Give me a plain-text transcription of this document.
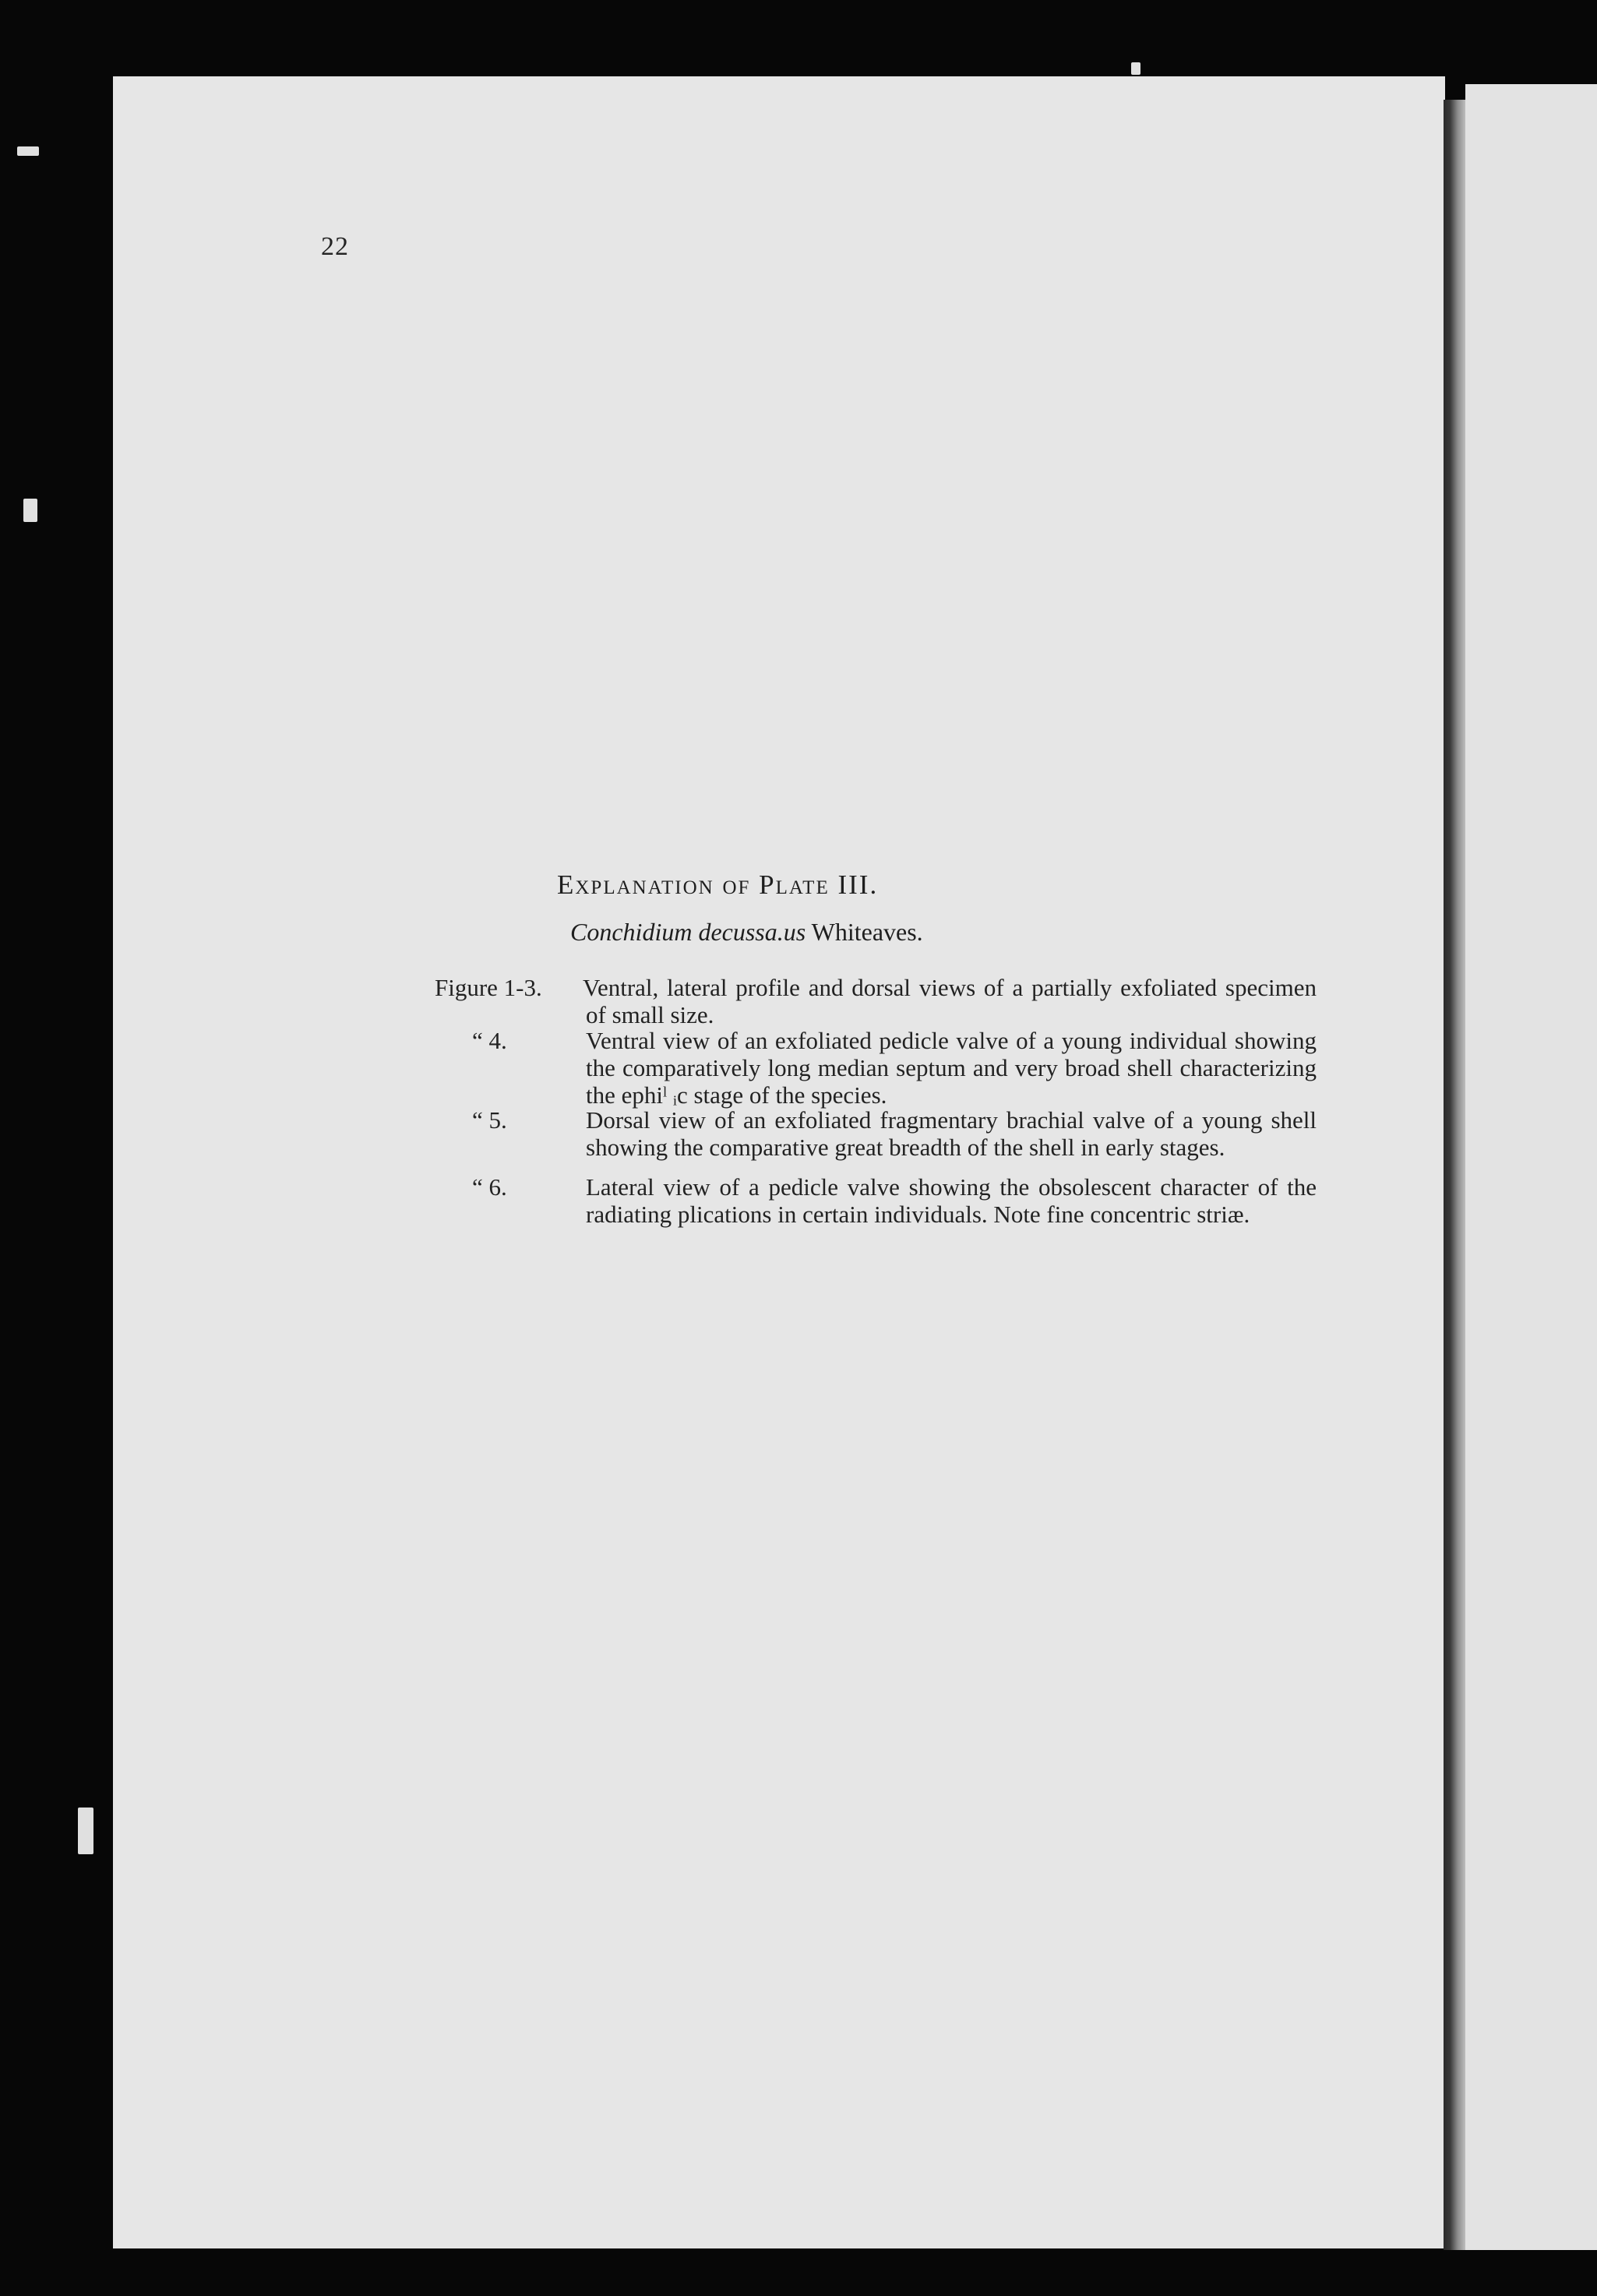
22
Explanation of Plate III.
Conchidium decussa.us Whiteaves.
Figure 1-3. Ventral, lateral profile and dorsal views of a partially exfoliated specimen of small size.
“ 4.	Ventral view of an exfoliated pedicle valve of a young individual showing the comparatively long median septum and very broad shell characterizing the ephiˡ ᵢc stage of the species.
“ 5.	Dorsal view of an exfoliated fragmentary brachial valve of a young shell showing the comparative great breadth of the shell in early stages.
“ 6.	Lateral view of a pedicle valve showing the obsolescent character of the radiating plications in certain individuals. Note fine concentric striæ.
